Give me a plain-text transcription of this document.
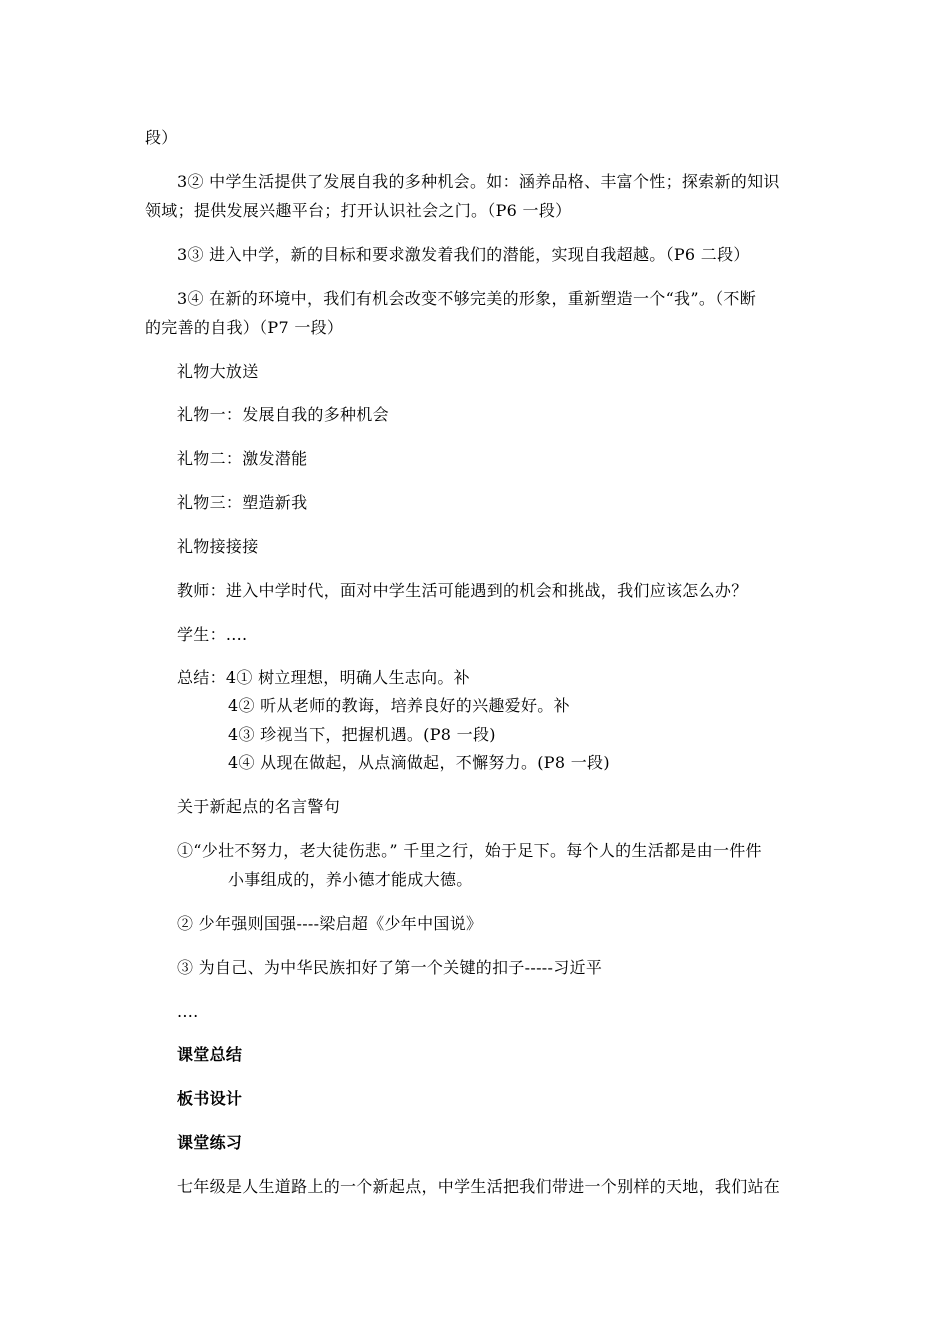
段）
3② 中学生活提供了发展自我的多种机会。如：涵养品格、丰富个性；探索新的知识
领域；提供发展兴趣平台；打开认识社会之门。（P6 一段）
3③ 进入中学，新的目标和要求激发着我们的潜能，实现自我超越。（P6 二段）
3④ 在新的环境中，我们有机会改变不够完美的形象，重新塑造一个“我”。（不断
的完善的自我）（P7 一段）
礼物大放送
礼物一：发展自我的多种机会
礼物二：激发潜能
礼物三：塑造新我
礼物接接接
教师：进入中学时代，面对中学生活可能遇到的机会和挑战，我们应该怎么办？
学生：....
总结：4① 树立理想，明确人生志向。补
4② 听从老师的教诲，培养良好的兴趣爱好。补
4③ 珍视当下，把握机遇。(P8 一段)
4④ 从现在做起，从点滴做起，不懈努力。(P8 一段)
关于新起点的名言警句
①“少壮不努力，老大徒伤悲。” 千里之行，始于足下。每个人的生活都是由一件件
小事组成的，养小德才能成大德。
② 少年强则国强----梁启超《少年中国说》
③ 为自己、为中华民族扣好了第一个关键的扣子-----习近平
....
课堂总结
板书设计
课堂练习
七年级是人生道路上的一个新起点，中学生活把我们带进一个别样的天地，我们站在
